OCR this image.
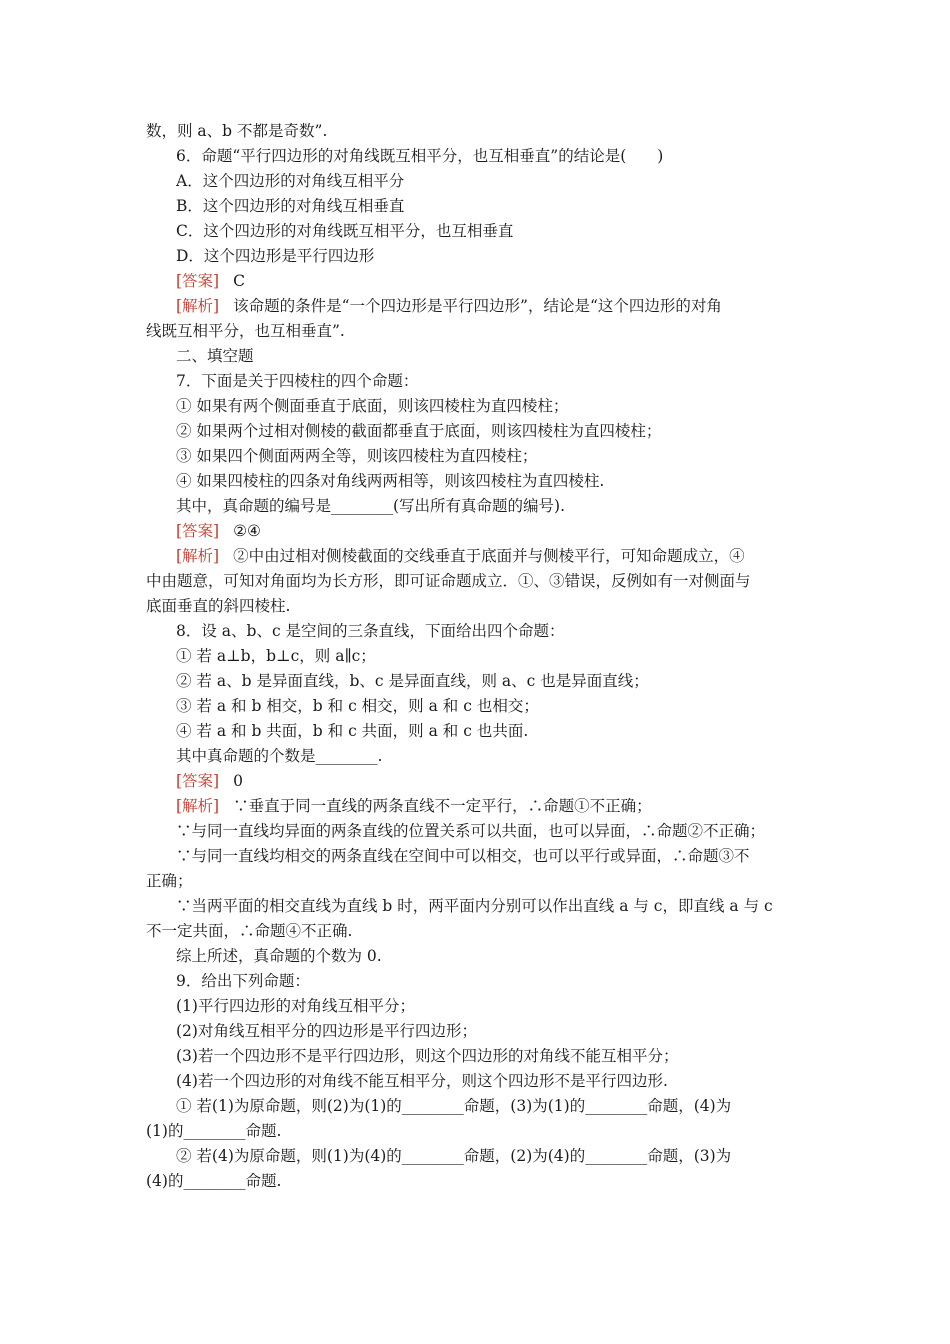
数，则 a、b 不都是奇数”.
6．命题“平行四边形的对角线既互相平分，也互相垂直”的结论是(　　)
A．这个四边形的对角线互相平分
B．这个四边形的对角线互相垂直
C．这个四边形的对角线既互相平分，也互相垂直
D．这个四边形是平行四边形
[答案] C
[解析] 该命题的条件是“一个四边形是平行四边形”，结论是“这个四边形的对角
线既互相平分，也互相垂直”.
二、填空题
7．下面是关于四棱柱的四个命题：
① 如果有两个侧面垂直于底面，则该四棱柱为直四棱柱；
② 如果两个过相对侧棱的截面都垂直于底面，则该四棱柱为直四棱柱；
③ 如果四个侧面两两全等，则该四棱柱为直四棱柱；
④ 如果四棱柱的四条对角线两两相等，则该四棱柱为直四棱柱.
其中，真命题的编号是________(写出所有真命题的编号).
[答案] ②④
[解析] ②中由过相对侧棱截面的交线垂直于底面并与侧棱平行，可知命题成立，④
中由题意，可知对角面均为长方形，即可证命题成立．①、③错误，反例如有一对侧面与
底面垂直的斜四棱柱.
8．设 a、b、c 是空间的三条直线，下面给出四个命题：
① 若 a⊥b，b⊥c，则 a∥c；
② 若 a、b 是异面直线，b、c 是异面直线，则 a、c 也是异面直线；
③ 若 a 和 b 相交，b 和 c 相交，则 a 和 c 也相交；
④ 若 a 和 b 共面，b 和 c 共面，则 a 和 c 也共面.
其中真命题的个数是________.
[答案] 0
[解析] ∵垂直于同一直线的两条直线不一定平行，∴命题①不正确；
∵与同一直线均异面的两条直线的位置关系可以共面，也可以异面，∴命题②不正确；
∵与同一直线均相交的两条直线在空间中可以相交，也可以平行或异面，∴命题③不
正确；
∵当两平面的相交直线为直线 b 时，两平面内分别可以作出直线 a 与 c，即直线 a 与 c
不一定共面，∴命题④不正确.
综上所述，真命题的个数为 0.
9．给出下列命题：
(1)平行四边形的对角线互相平分；
(2)对角线互相平分的四边形是平行四边形；
(3)若一个四边形不是平行四边形，则这个四边形的对角线不能互相平分；
(4)若一个四边形的对角线不能互相平分，则这个四边形不是平行四边形.
① 若(1)为原命题，则(2)为(1)的________命题，(3)为(1)的________命题，(4)为
(1)的________命题.
② 若(4)为原命题，则(1)为(4)的________命题，(2)为(4)的________命题，(3)为
(4)的________命题.
